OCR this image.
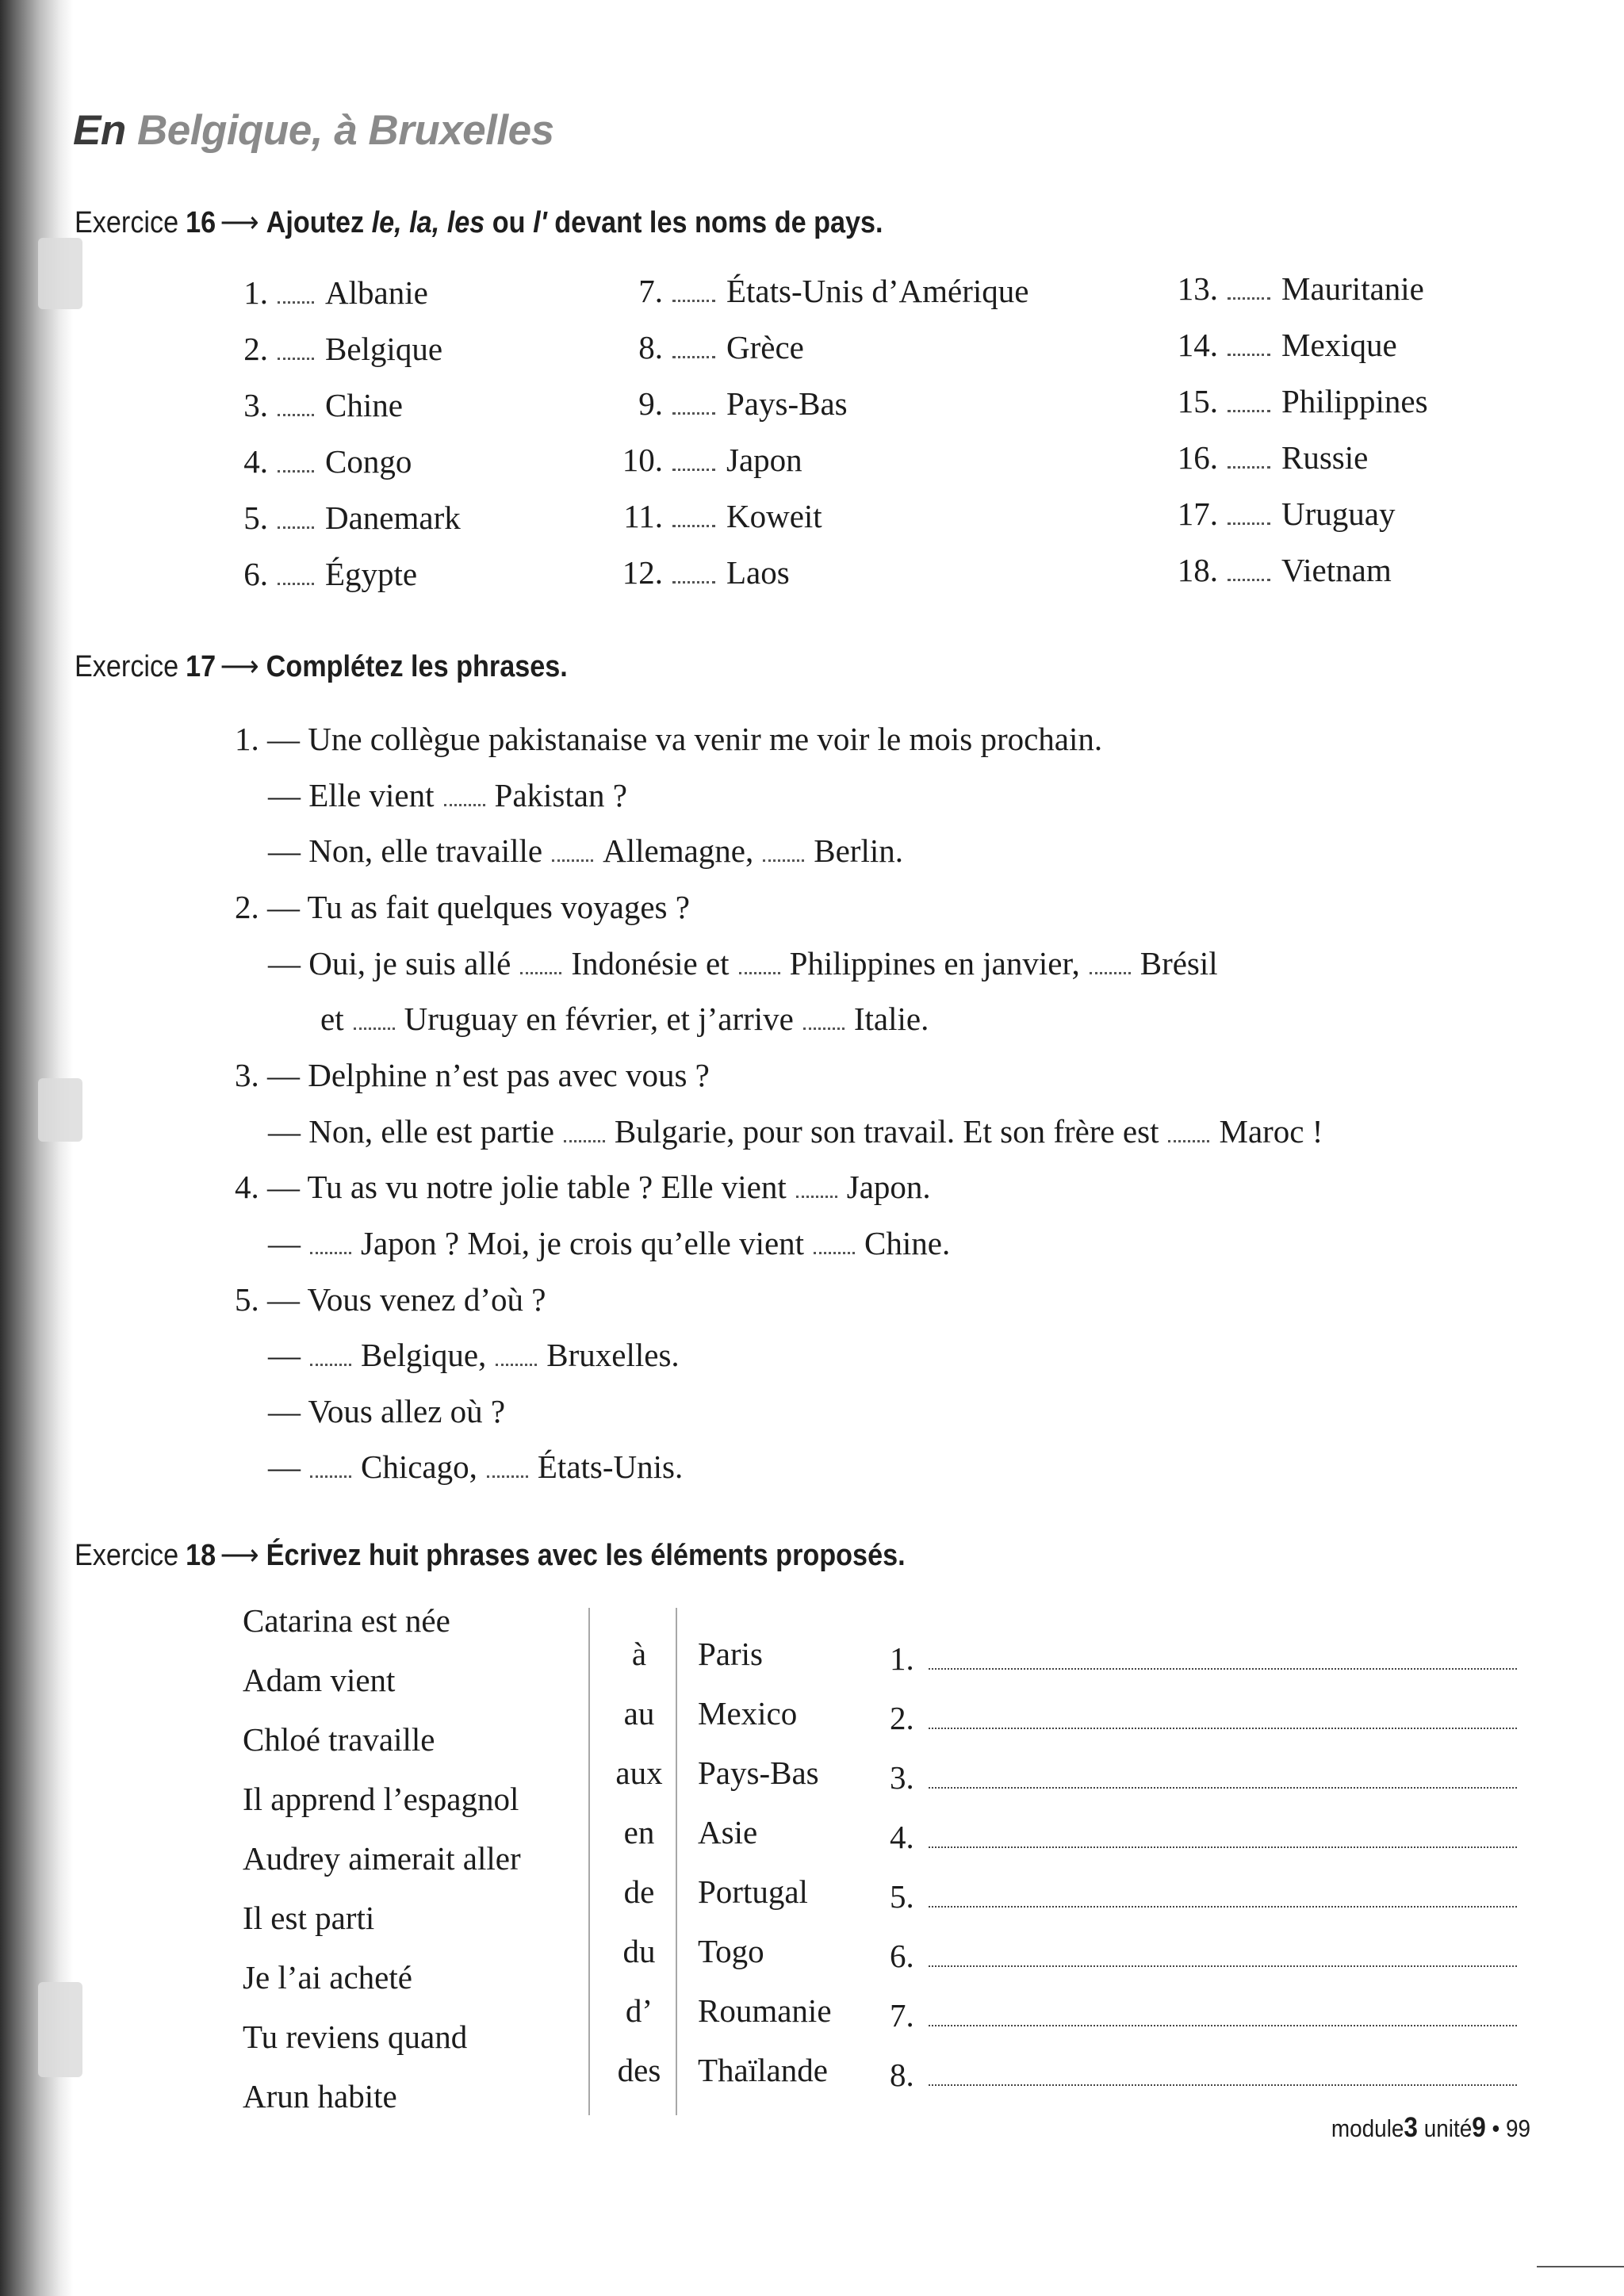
En Belgique, à Bruxelles
Exercice 16 ⟶ Ajoutez le, la, les ou l' devant les noms de pays.
1. Albanie
2. Belgique
3. Chine
4. Congo
5. Danemark
6. Égypte
7. États-Unis d’Amérique
8. Grèce
9. Pays-Bas
10. Japon
11. Koweit
12. Laos
13. Mauritanie
14. Mexique
15. Philippines
16. Russie
17. Uruguay
18. Vietnam
Exercice 17 ⟶ Complétez les phrases.
1. — Une collègue pakistanaise va venir me voir le mois prochain.
— Elle vient Pakistan ?
— Non, elle travaille Allemagne, Berlin.
2. — Tu as fait quelques voyages ?
— Oui, je suis allé Indonésie et Philippines en janvier, Brésil
et Uruguay en février, et j’arrive Italie.
3. — Delphine n’est pas avec vous ?
— Non, elle est partie Bulgarie, pour son travail. Et son frère est Maroc !
4. — Tu as vu notre jolie table ? Elle vient Japon.
— Japon ? Moi, je crois qu’elle vient Chine.
5. — Vous venez d’où ?
— Belgique, Bruxelles.
— Vous allez où ?
— Chicago, États-Unis.
Exercice 18 ⟶ Écrivez huit phrases avec les éléments proposés.
Catarina est née
Adam vient
Chloé travaille
Il apprend l’espagnol
Audrey aimerait aller
Il est parti
Je l’ai acheté
Tu reviens quand
Arun habite
à
au
aux
en
de
du
d’
des
Paris
Mexico
Pays-Bas
Asie
Portugal
Togo
Roumanie
Thaïlande
1.
2.
3.
4.
5.
6.
7.
8.
module3 unité9 • 99
